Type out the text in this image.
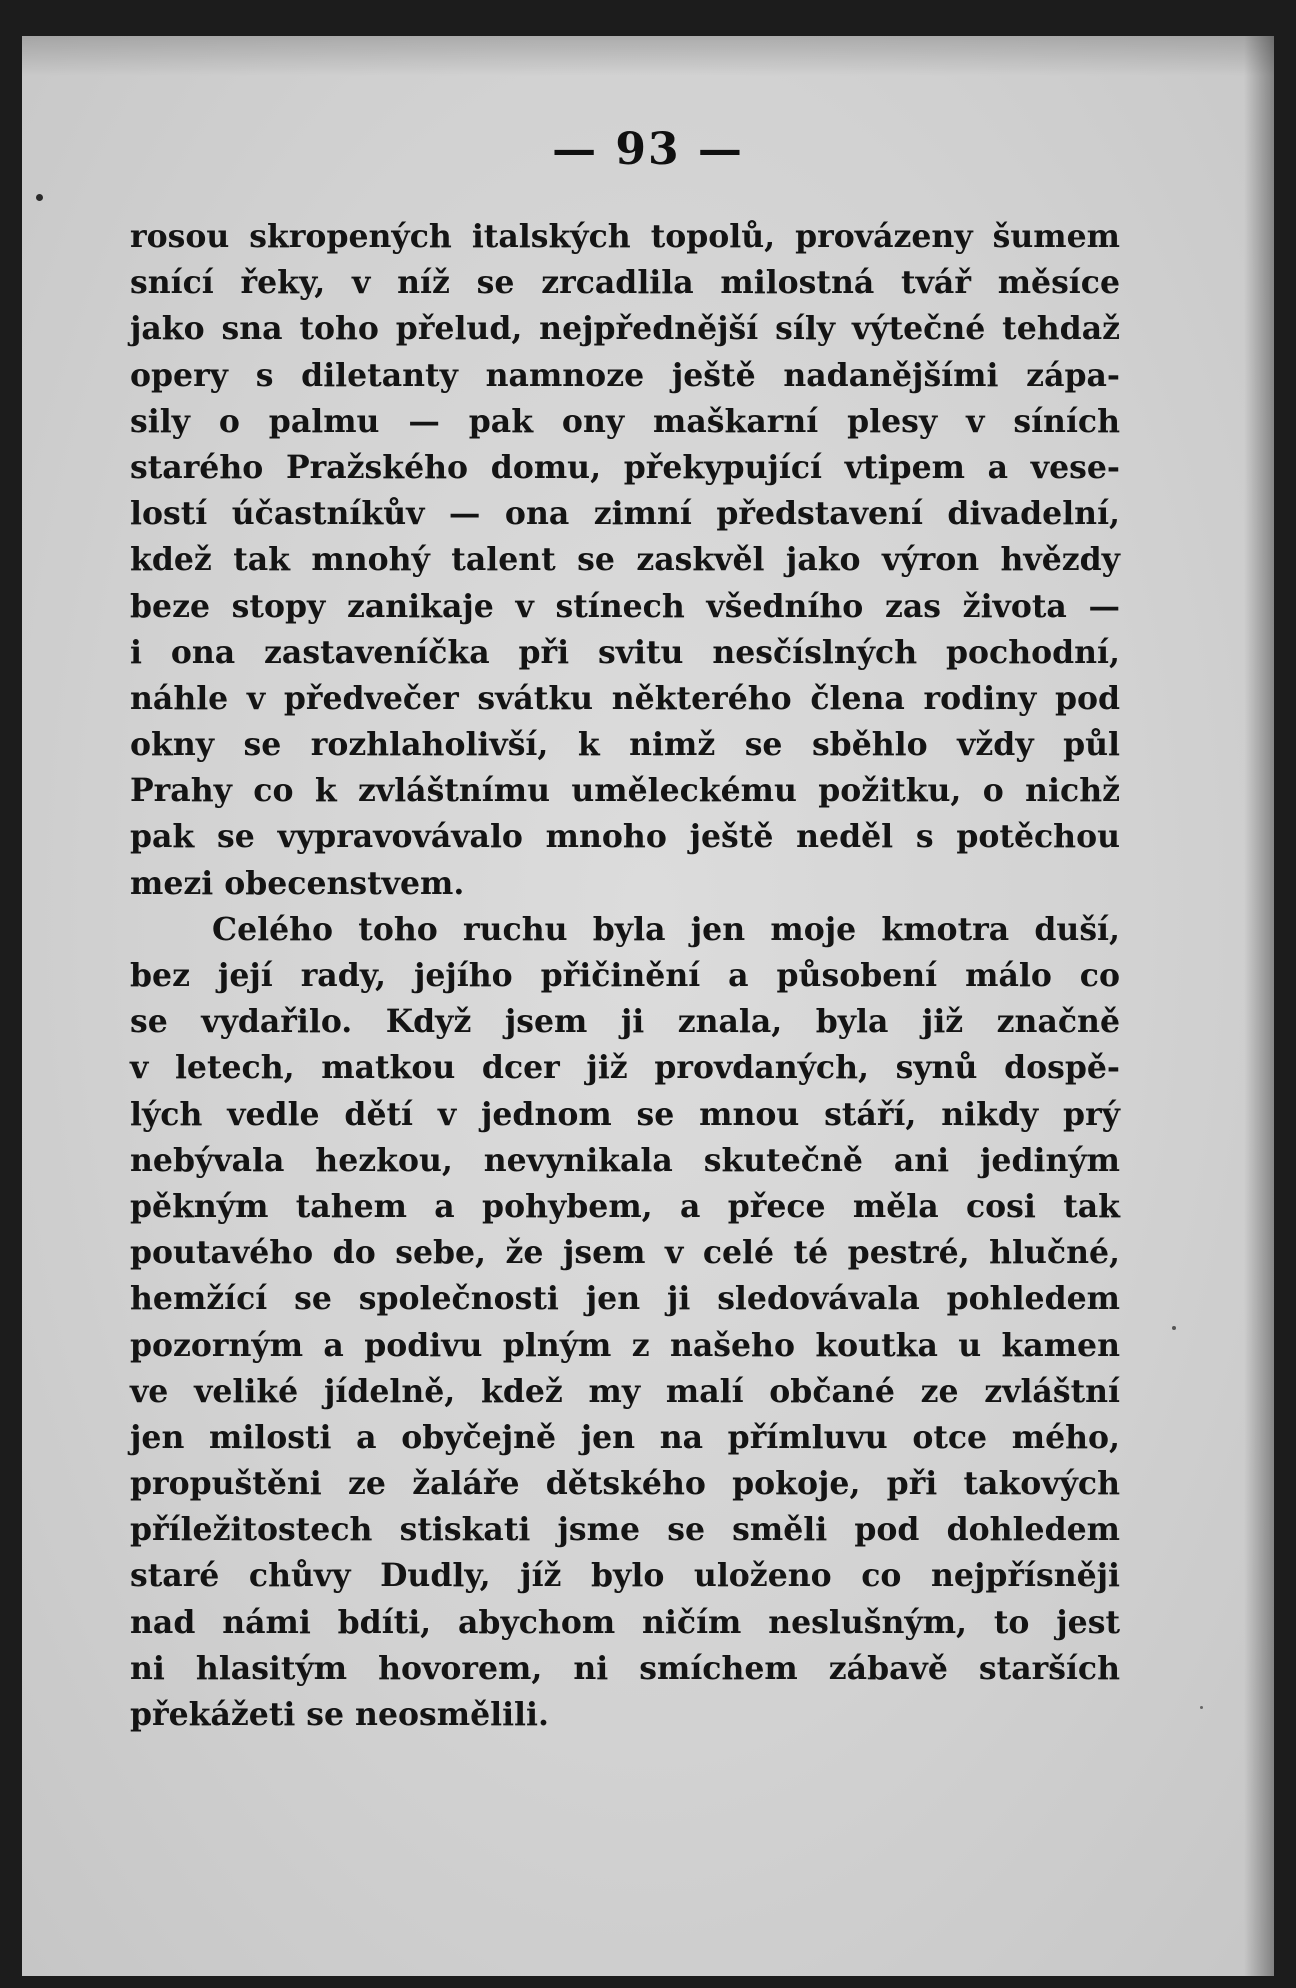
— 93 —
rosou skropených italských topolů, provázeny šumem
snící řeky, v níž se zrcadlila milostná tvář měsíce
jako sna toho přelud, nejpřednější síly výtečné tehdaž
opery s diletanty namnoze ještě nadanějšími zápa-
sily o palmu — pak ony maškarní plesy v síních
starého Pražského domu, překypující vtipem a vese-
lostí účastníkův — ona zimní představení divadelní,
kdež tak mnohý talent se zaskvěl jako výron hvězdy
beze stopy zanikaje v stínech všedního zas života —
i ona zastaveníčka při svitu nesčíslných pochodní,
náhle v předvečer svátku některého člena rodiny pod
okny se rozhlaholivší, k nimž se sběhlo vždy půl
Prahy co k zvláštnímu uměleckému požitku, o nichž
pak se vypravovávalo mnoho ještě neděl s potěchou
mezi obecenstvem.
Celého toho ruchu byla jen moje kmotra duší,
bez její rady, jejího přičinění a působení málo co
se vydařilo. Když jsem ji znala, byla již značně
v letech, matkou dcer již provdaných, synů dospě-
lých vedle dětí v jednom se mnou stáří, nikdy prý
nebývala hezkou, nevynikala skutečně ani jediným
pěkným tahem a pohybem, a přece měla cosi tak
poutavého do sebe, že jsem v celé té pestré, hlučné,
hemžící se společnosti jen ji sledovávala pohledem
pozorným a podivu plným z našeho koutka u kamen
ve veliké jídelně, kdež my malí občané ze zvláštní
jen milosti a obyčejně jen na přímluvu otce mého,
propuštěni ze žaláře dětského pokoje, při takových
příležitostech stiskati jsme se směli pod dohledem
staré chůvy Dudly, jíž bylo uloženo co nejpřísněji
nad námi bdíti, abychom ničím neslušným, to jest
ni hlasitým hovorem, ni smíchem zábavě starších
překážeti se neosmělili.
